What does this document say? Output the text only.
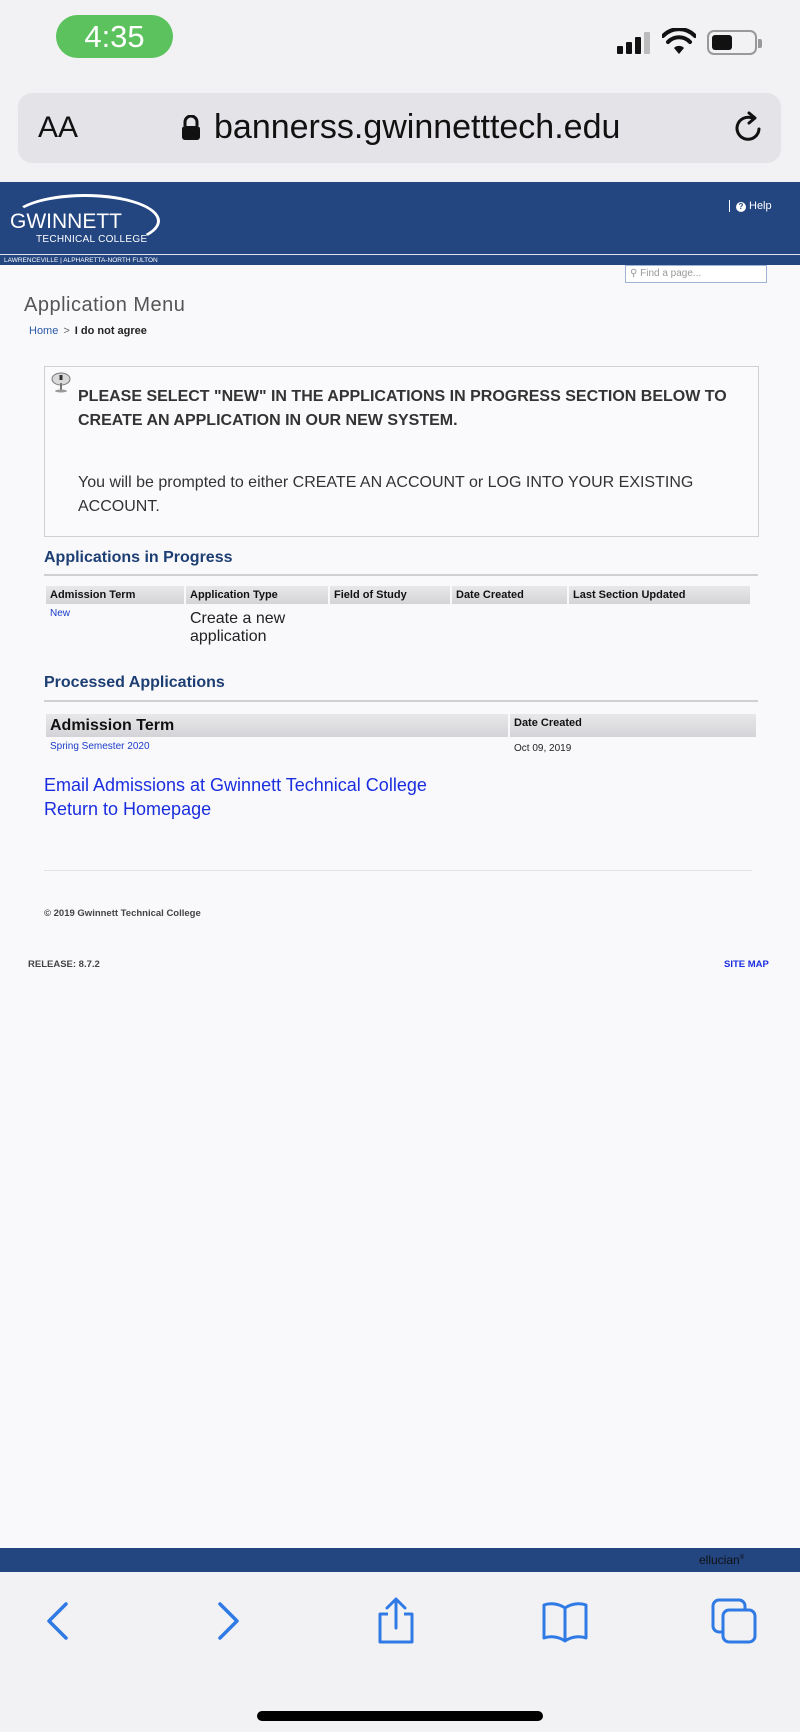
4:35
AA	bannerss.gwinnetttech.edu
GWINNETT
TECHNICAL COLLEGE
LAWRENCEVILLE | ALPHARETTA-NORTH FULTON
? Help
⚲ Find a page...
Application Menu
Home > I do not agree
PLEASE SELECT "NEW" IN THE APPLICATIONS IN PROGRESS SECTION BELOW TO CREATE AN APPLICATION IN OUR NEW SYSTEM.
You will be prompted to either CREATE AN ACCOUNT or LOG INTO YOUR EXISTING ACCOUNT.
Applications in Progress
Admission Term	Application Type	Field of Study	Date Created	Last Section Updated
New	Create a new application			
Processed Applications
Admission Term	Date Created
Spring Semester 2020	Oct 09, 2019
Email Admissions at Gwinnett Technical College
Return to Homepage
© 2019 Gwinnett Technical College
RELEASE: 8.7.2	SITE MAP
ellucian®
